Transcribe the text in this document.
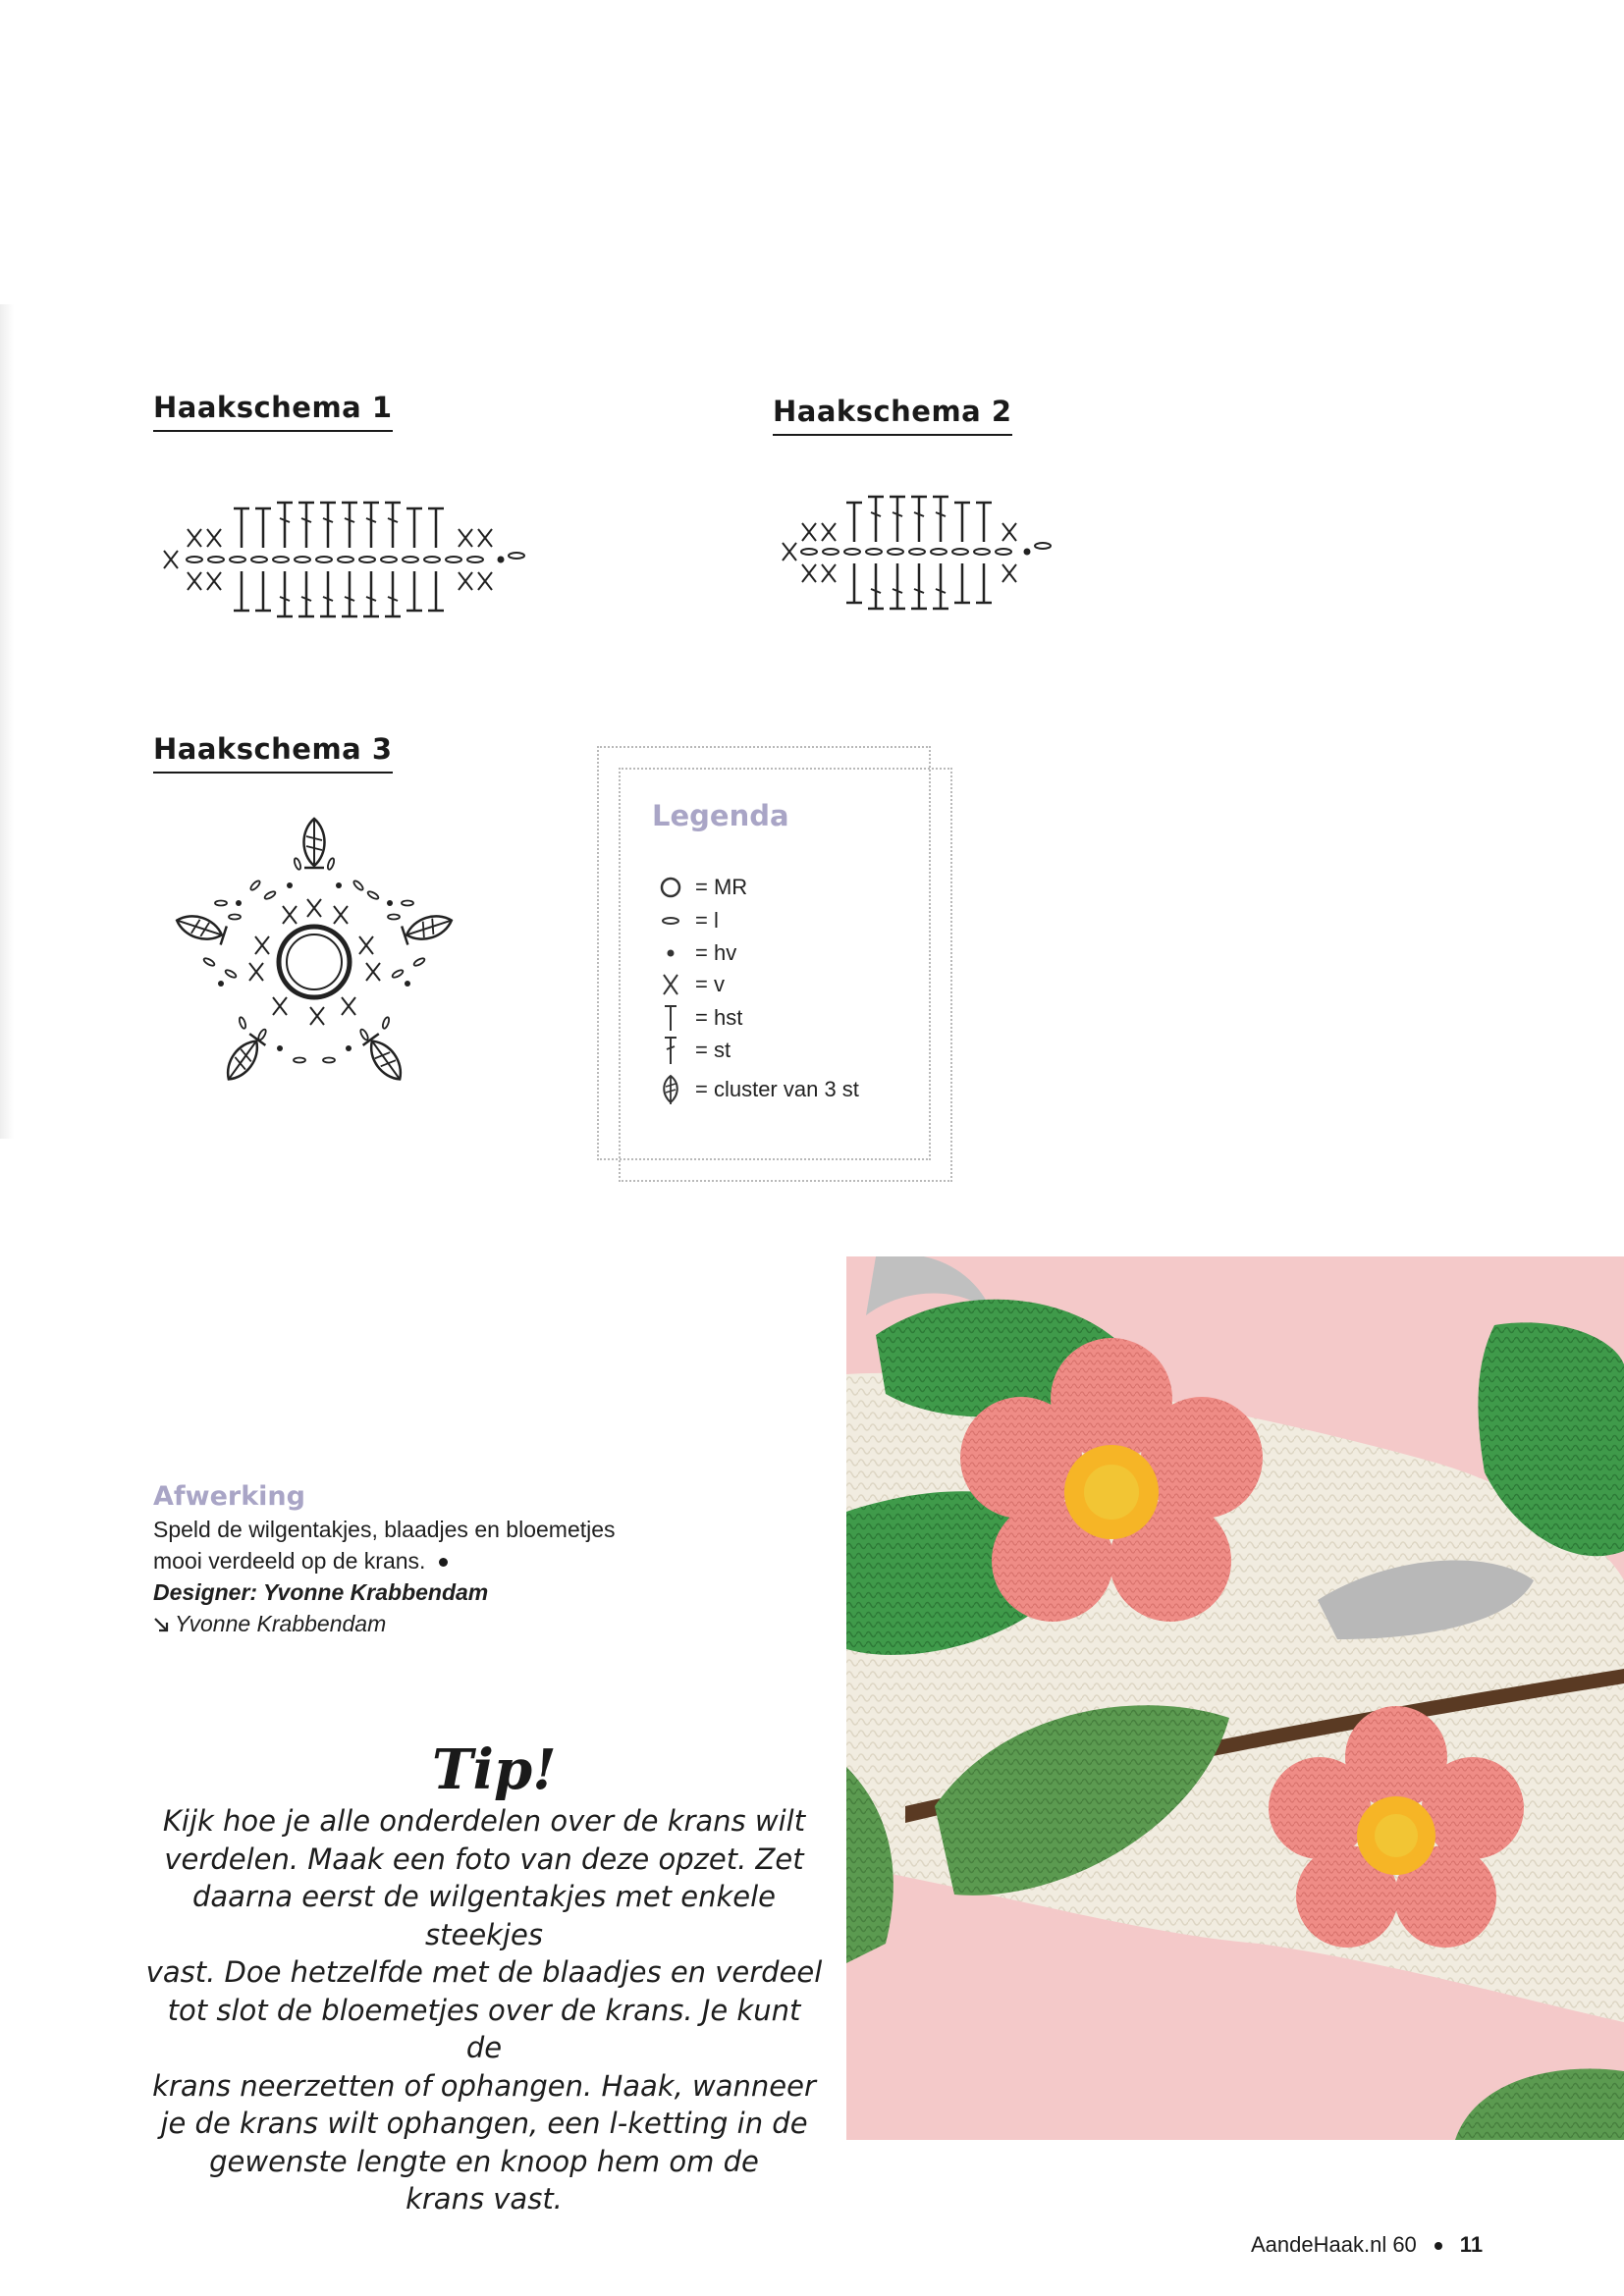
Haakschema 1	Haakschema 2
Haakschema 3
Legenda
= MR
= l
= hv
= v
= hst
= st
= cluster van 3 st
Afwerking
Speld de wilgentakjes, blaadjes en bloemetjes
mooi verdeeld op de krans.
Designer: Yvonne Krabbendam
Yvonne Krabbendam
Tip!
Kijk hoe je alle onderdelen over de krans wilt
verdelen. Maak een foto van deze opzet. Zet
daarna eerst de wilgentakjes met enkele steekjes
vast. Doe hetzelfde met de blaadjes en verdeel
tot slot de bloemetjes over de krans. Je kunt de
krans neerzetten of ophangen. Haak, wanneer
je de krans wilt ophangen, een l-ketting in de
gewenste lengte en knoop hem om de
krans vast.
AandeHaak.nl 60 11
